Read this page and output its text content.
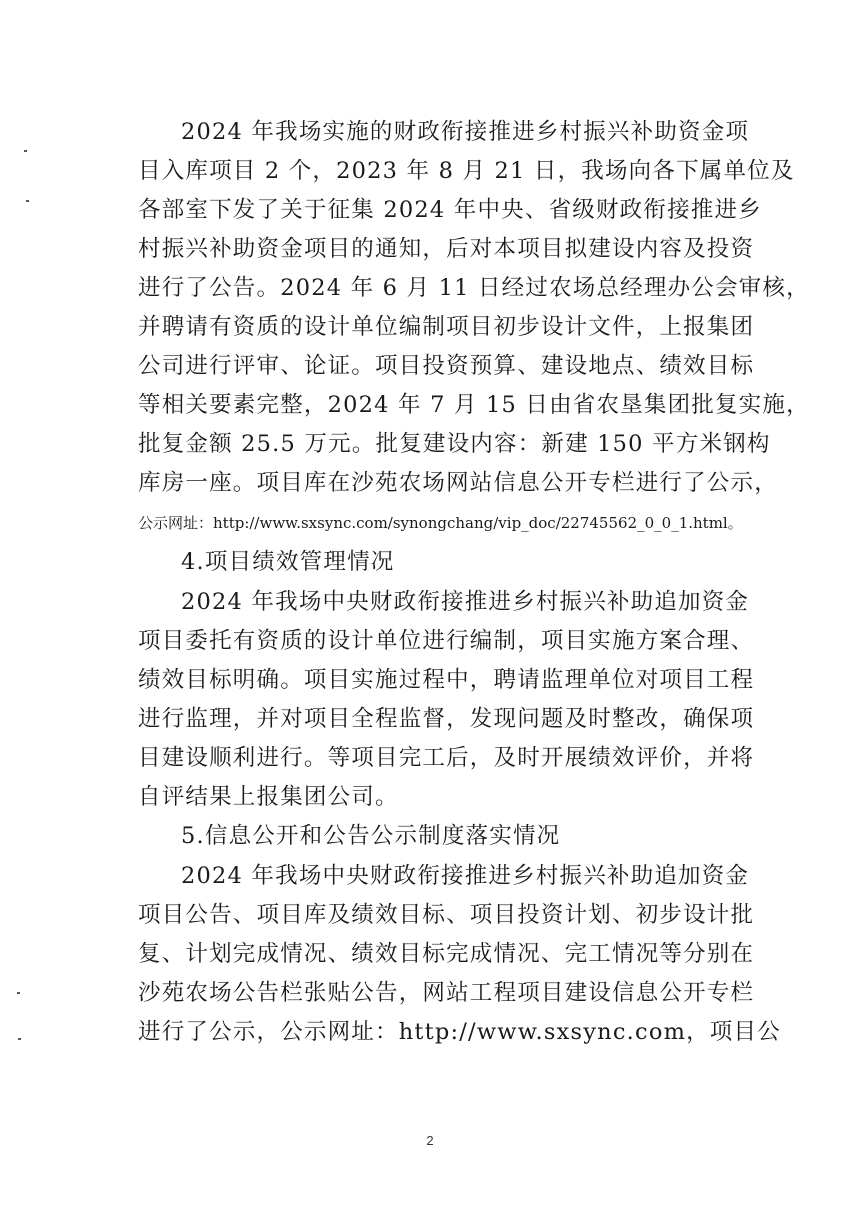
2024 年我场实施的财政衔接推进乡村振兴补助资金项
目入库项目 2 个，2023 年 8 月 21 日，我场向各下属单位及
各部室下发了关于征集 2024 年中央、省级财政衔接推进乡
村振兴补助资金项目的通知，后对本项目拟建设内容及投资
进行了公告。2024 年 6 月 11 日经过农场总经理办公会审核，
并聘请有资质的设计单位编制项目初步设计文件，上报集团
公司进行评审、论证。项目投资预算、建设地点、绩效目标
等相关要素完整，2024 年 7 月 15 日由省农垦集团批复实施，
批复金额 25.5 万元。批复建设内容：新建 150 平方米钢构
库房一座。项目库在沙苑农场网站信息公开专栏进行了公示，
公示网址：http://www.sxsync.com/synongchang/vip_doc/22745562_0_0_1.html。
4.项目绩效管理情况
2024 年我场中央财政衔接推进乡村振兴补助追加资金
项目委托有资质的设计单位进行编制，项目实施方案合理、
绩效目标明确。项目实施过程中，聘请监理单位对项目工程
进行监理，并对项目全程监督，发现问题及时整改，确保项
目建设顺利进行。等项目完工后，及时开展绩效评价，并将
自评结果上报集团公司。
5.信息公开和公告公示制度落实情况
2024 年我场中央财政衔接推进乡村振兴补助追加资金
项目公告、项目库及绩效目标、项目投资计划、初步设计批
复、计划完成情况、绩效目标完成情况、完工情况等分别在
沙苑农场公告栏张贴公告，网站工程项目建设信息公开专栏
进行了公示，公示网址：http://www.sxsync.com，项目公
2
